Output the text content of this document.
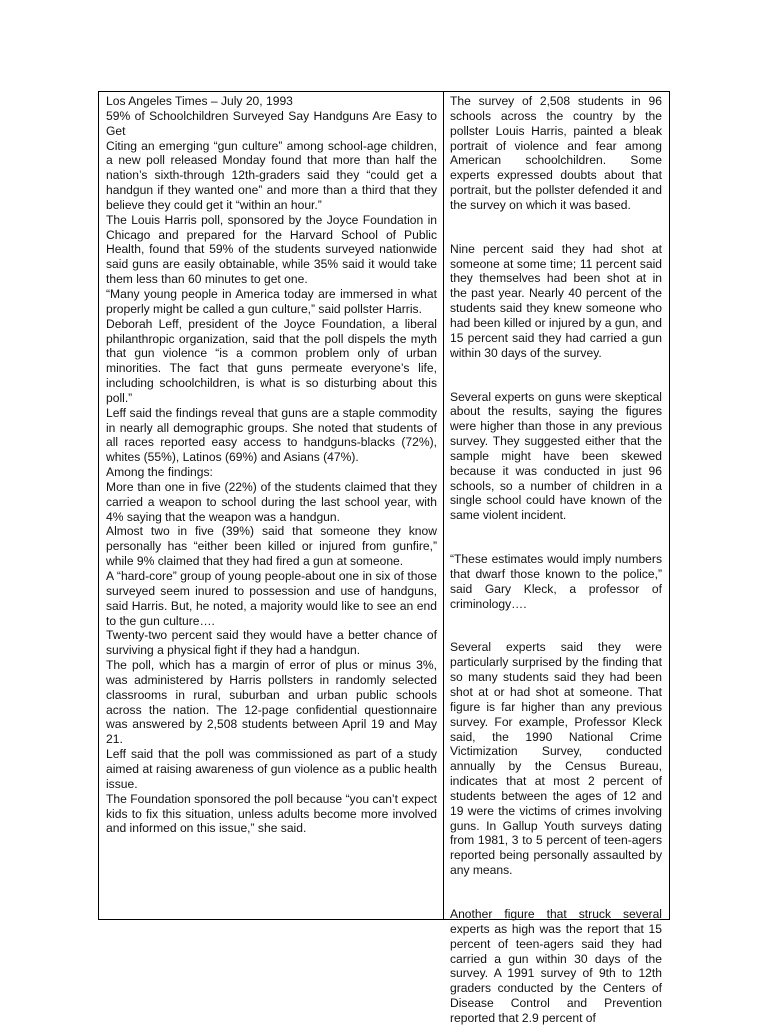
Los Angeles Times – July 20, 1993

59% of Schoolchildren Surveyed Say Handguns Are Easy to Get

Citing an emerging “gun culture” among school-age children, a new poll released Monday found that more than half the nation’s sixth-through 12th-graders said they “could get a handgun if they wanted one” and more than a third that they believe they could get it “within an hour.”

The Louis Harris poll, sponsored by the Joyce Foundation in Chicago and prepared for the Harvard School of Public Health, found that 59% of the students surveyed nationwide said guns are easily obtainable, while 35% said it would take them less than 60 minutes to get one.

“Many young people in America today are immersed in what properly might be called a gun culture,” said pollster Harris.

Deborah Leff, president of the Joyce Foundation, a liberal philanthropic organization, said that the poll dispels the myth that gun violence “is a common problem only of urban minorities. The fact that guns permeate everyone’s life, including schoolchildren, is what is so disturbing about this poll.”

Leff said the findings reveal that guns are a staple commodity in nearly all demographic groups. She noted that students of all races reported easy access to handguns-blacks (72%), whites (55%), Latinos (69%) and Asians (47%).

Among the findings:

More than one in five (22%) of the students claimed that they carried a weapon to school during the last school year, with 4% saying that the weapon was a handgun.

Almost two in five (39%) said that someone they know personally has “either been killed or injured from gunfire,” while 9% claimed that they had fired a gun at someone.

A “hard-core” group of young people-about one in six of those surveyed seem inured to possession and use of handguns, said Harris. But, he noted, a majority would like to see an end to the gun culture….

Twenty-two percent said they would have a better chance of surviving a physical fight if they had a handgun.

The poll, which has a margin of error of plus or minus 3%, was administered by Harris pollsters in randomly selected classrooms in rural, suburban and urban public schools across the nation. The 12-page confidential questionnaire was answered by 2,508 students between April 19 and May 21.

Leff said that the poll was commissioned as part of a study aimed at raising awareness of gun violence as a public health issue.

The Foundation sponsored the poll because “you can’t expect kids to fix this situation, unless adults become more involved and informed on this issue,” she said.

The survey of 2,508 students in 96 schools across the country by the pollster Louis Harris, painted a bleak portrait of violence and fear among American schoolchildren. Some experts expressed doubts about that portrait, but the pollster defended it and the survey on which it was based.

Nine percent said they had shot at someone at some time; 11 percent said they themselves had been shot at in the past year. Nearly 40 percent of the students said they knew someone who had been killed or injured by a gun, and 15 percent said they had carried a gun within 30 days of the survey.

Several experts on guns were skeptical about the results, saying the figures were higher than those in any previous survey. They suggested either that the sample might have been skewed because it was conducted in just 96 schools, so a number of children in a single school could have known of the same violent incident.

“These estimates would imply numbers that dwarf those known to the police,” said Gary Kleck, a professor of criminology….

Several experts said they were particularly surprised by the finding that so many students said they had been shot at or had shot at someone. That figure is far higher than any previous survey. For example, Professor Kleck said, the 1990 National Crime Victimization Survey, conducted annually by the Census Bureau, indicates that at most 2 percent of students between the ages of 12 and 19 were the victims of crimes involving guns. In Gallup Youth surveys dating from 1981, 3 to 5 percent of teen-agers reported being personally assaulted by any means.

Another figure that struck several experts as high was the report that 15 percent of teen-agers said they had carried a gun within 30 days of the survey. A 1991 survey of 9th to 12th graders conducted by the Centers of Disease Control and Prevention reported that 2.9 percent of
